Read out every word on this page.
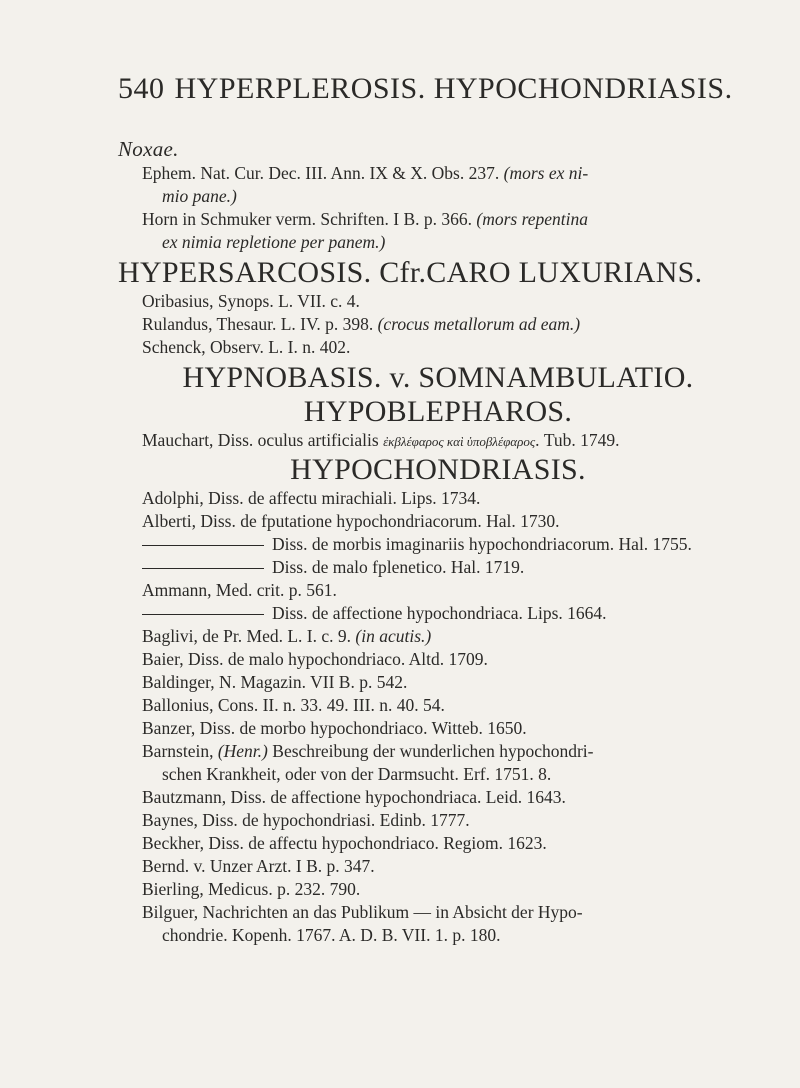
540 HYPERPLEROSIS. HYPOCHONDRIASIS.
Noxae.
Ephem. Nat. Cur. Dec. III. Ann. IX & X. Obs. 237. (mors ex ni-
mio pane.)
Horn in Schmuker verm. Schriften. I B. p. 366. (mors repentina
ex nimia repletione per panem.)
HYPERSARCOSIS. Cfr.CARO LUXURIANS.
Oribasius, Synops. L. VII. c. 4.
Rulandus, Thesaur. L. IV. p. 398. (crocus metallorum ad eam.)
Schenck, Observ. L. I. n. 402.
HYPNOBASIS. v. SOMNAMBULATIO.
HYPOBLEPHAROS.
Mauchart, Diss. oculus artificialis ἐκβλέφαρος καὶ ὑποβλέφαρος. Tub. 1749.
HYPOCHONDRIASIS.
Adolphi, Diss. de affectu mirachiali. Lips. 1734.
Alberti, Diss. de fputatione hypochondriacorum. Hal. 1730.
Diss. de morbis imaginariis hypochondriacorum. Hal. 1755.
Diss. de malo fplenetico. Hal. 1719.
Ammann, Med. crit. p. 561.
Diss. de affectione hypochondriaca. Lips. 1664.
Baglivi, de Pr. Med. L. I. c. 9. (in acutis.)
Baier, Diss. de malo hypochondriaco. Altd. 1709.
Baldinger, N. Magazin. VII B. p. 542.
Ballonius, Cons. II. n. 33. 49. III. n. 40. 54.
Banzer, Diss. de morbo hypochondriaco. Witteb. 1650.
Barnstein, (Henr.) Beschreibung der wunderlichen hypochondri-
schen Krankheit, oder von der Darmsucht. Erf. 1751. 8.
Bautzmann, Diss. de affectione hypochondriaca. Leid. 1643.
Baynes, Diss. de hypochondriasi. Edinb. 1777.
Beckher, Diss. de affectu hypochondriaco. Regiom. 1623.
Bernd. v. Unzer Arzt. I B. p. 347.
Bierling, Medicus. p. 232. 790.
Bilguer, Nachrichten an das Publikum — in Absicht der Hypo-
chondrie. Kopenh. 1767. A. D. B. VII. 1. p. 180.
